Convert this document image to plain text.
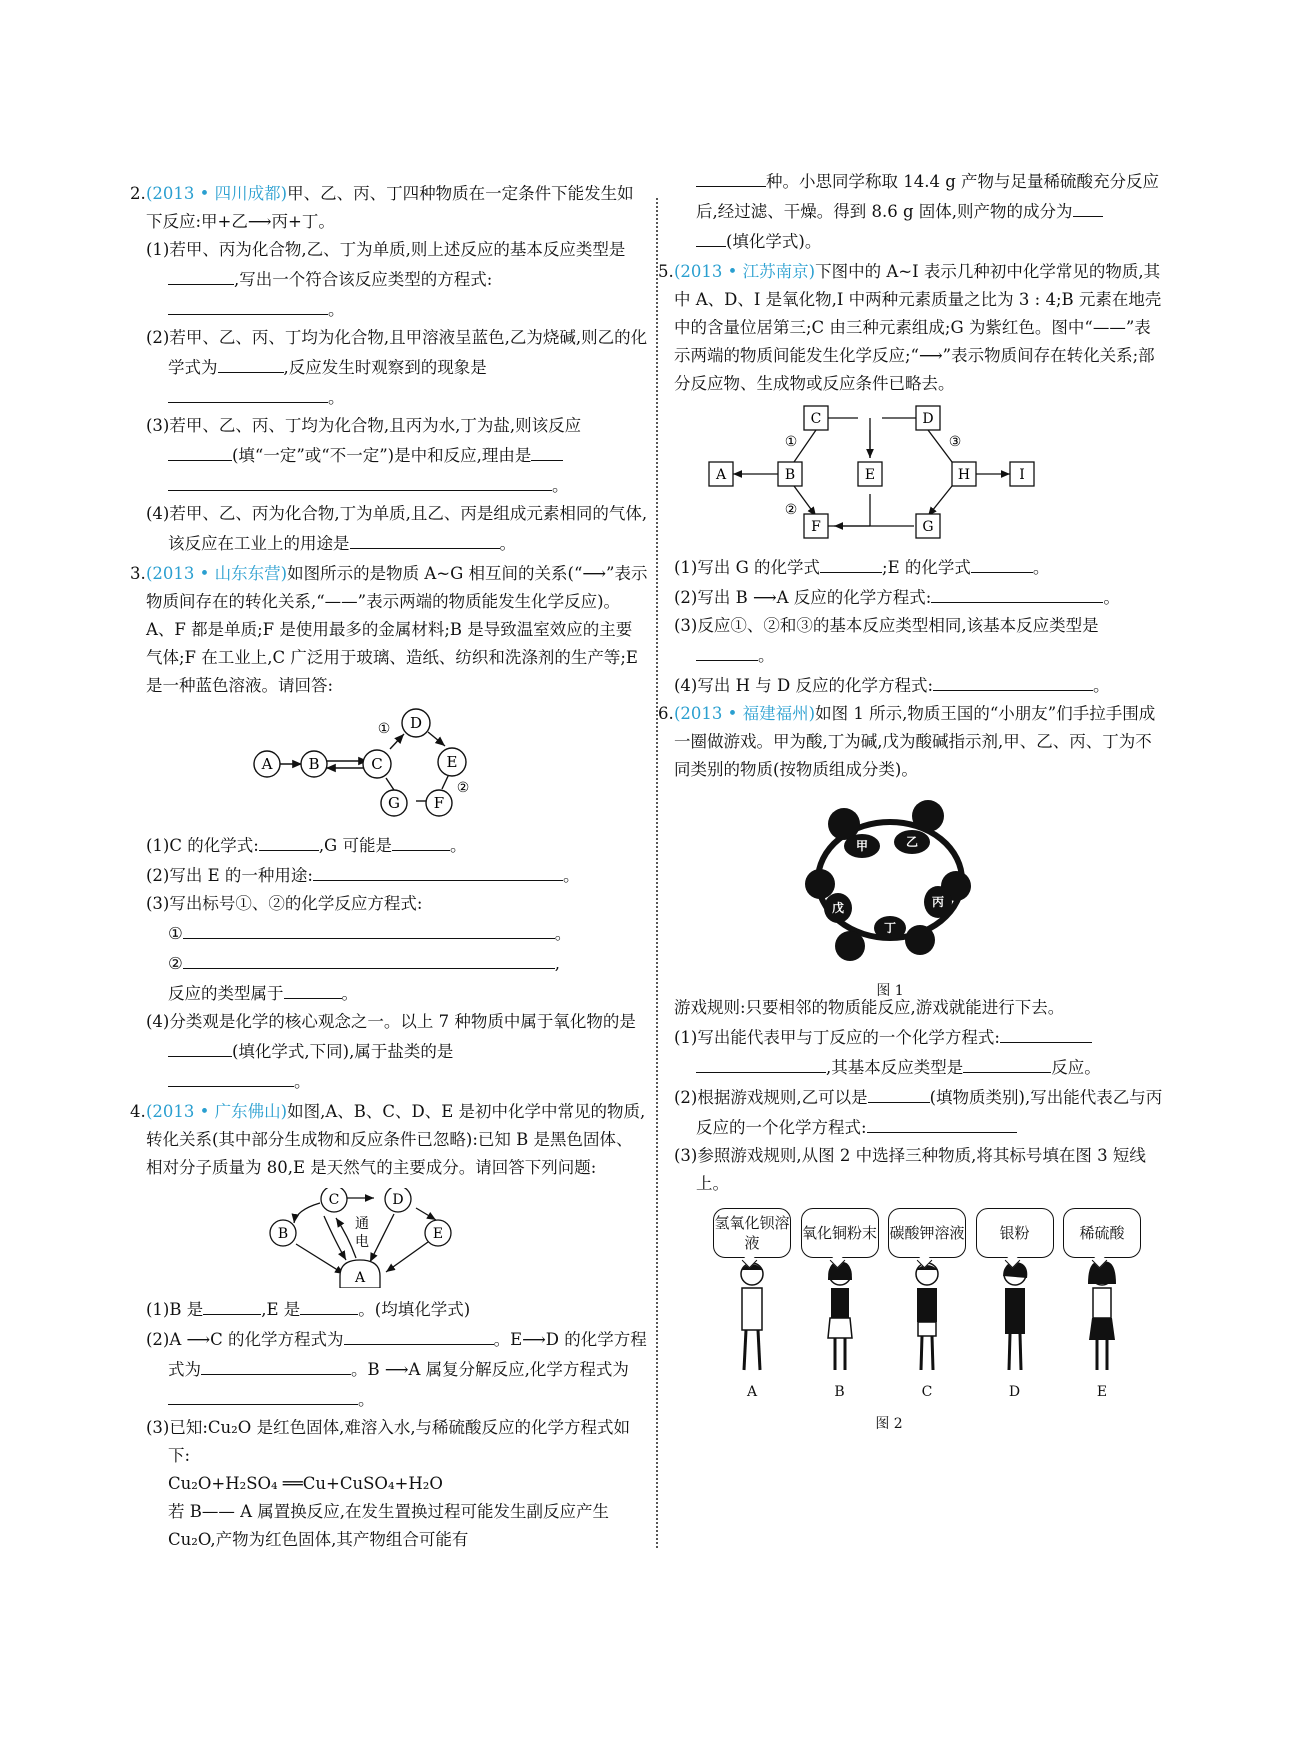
2. (2013 • 四川成都)甲、乙、丙、丁四种物质在一定条件下能发生如下反应:甲+乙⟶丙+丁。

(1)若甲、丙为化合物,乙、丁为单质,则上述反应的基本反应类型是,写出一个符合该反应类型的方程式:
。

(2)若甲、乙、丙、丁均为化合物,且甲溶液呈蓝色,乙为烧碱,则乙的化学式为	,反应发生时观察到的现象是
。

(3)若甲、乙、丙、丁均为化合物,且丙为水,丁为盐,则该反应
(填“一定”或“不一定”)是中和反应,理由是
。

(4)若甲、乙、丙为化合物,丁为单质,且乙、丙是组成元素相同的气体,该反应在工业上的用途是	。

3. (2013 • 山东东营)如图所示的是物质 A~G 相互间的关系(“⟶”表示物质间存在的转化关系,“——”表示两端的物质能发生化学反应)。A、F 都是单质;F 是使用最多的金属材料;B 是导致温室效应的主要气体;F 在工业上,C 广泛用于玻璃、造纸、纺织和洗涤剂的生产等;E 是一种蓝色溶液。请回答:

A B	C
D
E
F
G
①
②

(1)C 的化学式:	,G 可能是	。

(2)写出 E 的一种用途:	。

(3)写出标号①、②的化学反应方程式:

①	。

②	,

反应的类型属于	。

(4)分类观是化学的核心观念之一。以上 7 种物质中属于氧化物的是(填化学式,下同),属于盐类的是
。

4. (2013 • 广东佛山)如图,A、B、C、D、E 是初中化学中常见的物质,转化关系(其中部分生成物和反应条件已忽略):已知 B 是黑色固体、相对分子质量为 80,E 是天然气的主要成分。请回答下列问题:

C	D
B	E
A
通
电

(1)B 是	,E 是	。(均填化学式)

(2)A ⟶C 的化学方程式为	。E⟶D 的化学方程式为	。B ⟶A 属复分解反应,化学方程式为。

(3)已知:Cu₂O 是红色固体,难溶入水,与稀硫酸反应的化学方程式如下:

Cu₂O+H₂SO₄ ══Cu+CuSO₄+H₂O

若 B—— A 属置换反应,在发生置换过程可能发生副反应产生 Cu₂O,产物为红色固体,其产物组合可能有

种。小思同学称取 14.4 g 产物与足量稀硫酸充分反应后,经过滤、干燥。得到 8.6 g 固体,则产物的成分为
(填化学式)。

5. (2013 • 江苏南京)下图中的 A~I 表示几种初中化学常见的物质,其中 A、D、I 是氧化物,I 中两种元素质量之比为 3 : 4;B 元素在地壳中的含量位居第三;C 由三种元素组成;G 为紫红色。图中“——”表示两端的物质间能发生化学反应;“⟶”表示物质间存在转化关系;部分反应物、生成物或反应条件已略去。

C	D
A	B	E	H	I
F	G
①
②
③

(1)写出 G 的化学式	;E 的化学式	。

(2)写出 B ⟶A 反应的化学方程式:	。

(3)反应①、②和③的基本反应类型相同,该基本反应类型是
。

(4)写出 H 与 D 反应的化学方程式:	。

6. (2013 • 福建福州)如图 1 所示,物质王国的“小朋友”们手拉手围成一圈做游戏。甲为酸,丁为碱,戊为酸碱指示剂,甲、乙、丙、丁为不同类别的物质(按物质组成分类)。

甲	乙
丙
丁
戊
图 1

游戏规则:只要相邻的物质能反应,游戏就能进行下去。

(1)写出能代表甲与丁反应的一个化学方程式:
,其基本反应类型是	反应。

(2)根据游戏规则,乙可以是	(填物质类别),写出能代表乙与丙反应的一个化学方程式:

(3)参照游戏规则,从图 2 中选择三种物质,将其标号填在图 3 短线上。

氢氧化钡溶液
A
氧化铜粉末
B
碳酸钾溶液
C
银粉
D
稀硫酸
E
图 2
